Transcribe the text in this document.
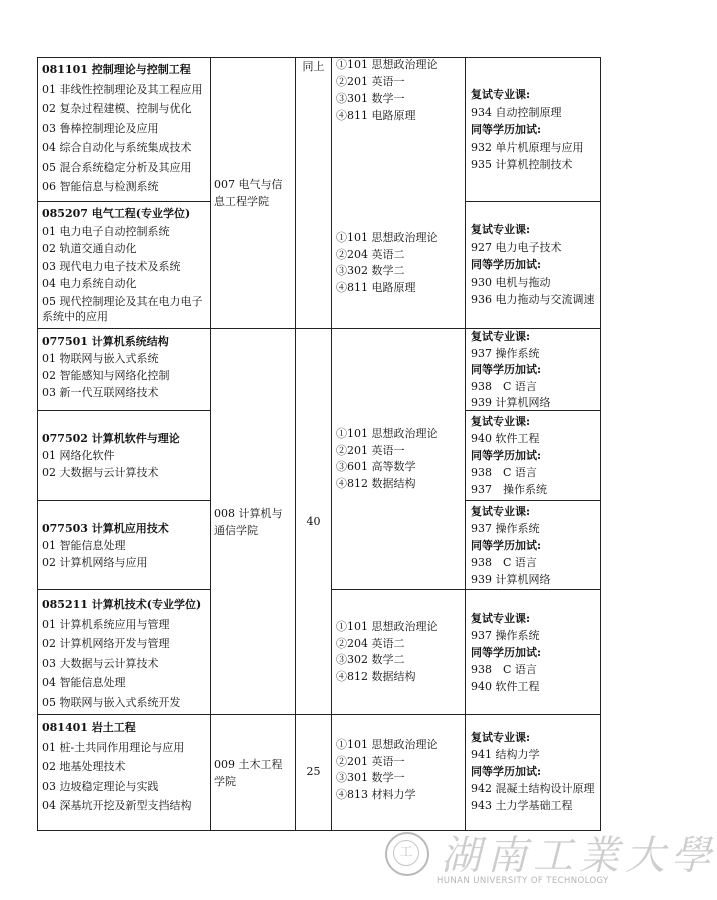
081101 控制理论与控制工程
01 非线性控制理论及其工程应用
02 复杂过程建模、控制与优化
03 鲁棒控制理论及应用
04 综合自动化与系统集成技术
05 混合系统稳定分析及其应用
06 智能信息与检测系统
①101 思想政治理论
②201 英语一
③301 数学一
④811 电路原理
复试专业课:
934 自动控制原理
同等学历加试:
932 单片机原理与应用
935 计算机控制技术
085207 电气工程(专业学位)
01 电力电子自动控制系统
02 轨道交通自动化
03 现代电力电子技术及系统
04 电力系统自动化
05 现代控制理论及其在电力电子系统中的应用
①101 思想政治理论
②204 英语二
③302 数学二
④811 电路原理
复试专业课:
927 电力电子技术
同等学历加试:
930 电机与拖动
936 电力拖动与交流调速
007 电气与信息工程学院
同上
077501 计算机系统结构
01 物联网与嵌入式系统
02 智能感知与网络化控制
03 新一代互联网络技术
复试专业课:
937 操作系统
同等学历加试:
938　C 语言
939 计算机网络
077502 计算机软件与理论
01 网络化软件
02 大数据与云计算技术
复试专业课:
940 软件工程
同等学历加试:
938　C 语言
937　操作系统
①101 思想政治理论
②201 英语一
③601 高等数学
④812 数据结构
008 计算机与通信学院
40
077503 计算机应用技术
01 智能信息处理
02 计算机网络与应用
复试专业课:
937 操作系统
同等学历加试:
938　C 语言
939 计算机网络
085211 计算机技术(专业学位)
01 计算机系统应用与管理
02 计算机网络开发与管理
03 大数据与云计算技术
04 智能信息处理
05 物联网与嵌入式系统开发
①101 思想政治理论
②204 英语二
③302 数学二
④812 数据结构
复试专业课:
937 操作系统
同等学历加试:
938　C 语言
940 软件工程
081401 岩土工程
01 桩-土共同作用理论与应用
02 地基处理技术
03 边坡稳定理论与实践
04 深基坑开挖及新型支挡结构
009 土木工程学院
25
①101 思想政治理论
②201 英语一
③301 数学一
④813 材料力学
复试专业课:
941 结构力学
同等学历加试:
942 混凝土结构设计原理
943 土力学基础工程
工 湖南工業大學
HUNAN UNIVERSITY OF TECHNOLOGY
